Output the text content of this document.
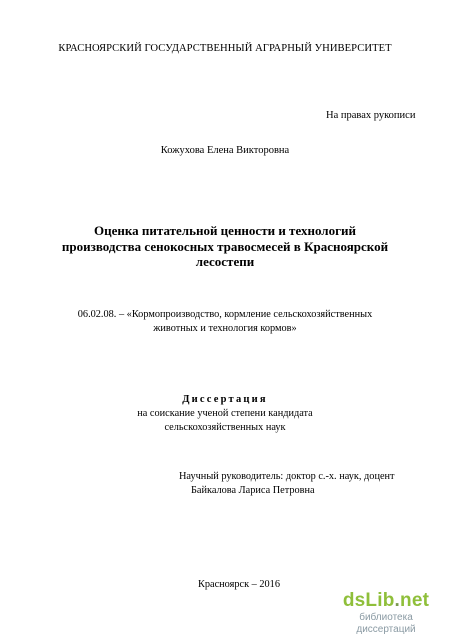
КРАСНОЯРСКИЙ ГОСУДАРСТВЕННЫЙ АГРАРНЫЙ УНИВЕРСИТЕТ
На правах рукописи
Кожухова Елена Викторовна
Оценка питательной ценности и технологий
производства сенокосных травосмесей в Красноярской
лесостепи
06.02.08. – «Кормопроизводство, кормление сельскохозяйственных
животных и технология кормов»
Диссертация
на соискание ученой степени кандидата
сельскохозяйственных наук
Научный руководитель: доктор с.-х. наук, доцент
Байкалова Лариса Петровна
Красноярск – 2016
dsLib.net
библиотека диссертаций
